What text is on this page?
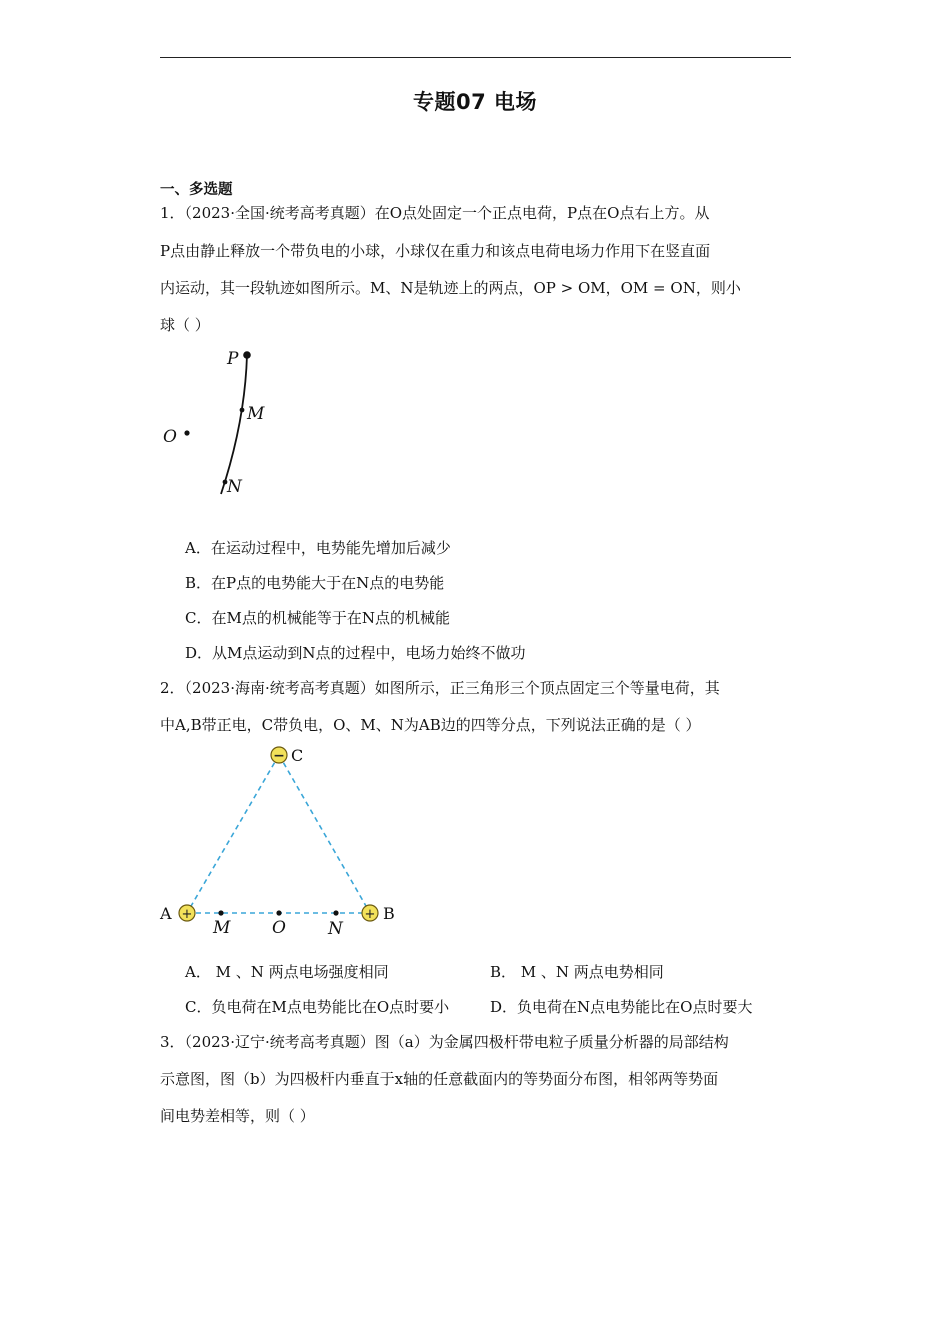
专题07 电场
一、多选题
1．（2023·全国·统考高考真题）在O点处固定一个正点电荷，P点在O点右上方。从
P点由静止释放一个带负电的小球，小球仅在重力和该点电荷电场力作用下在竖直面
内运动，其一段轨迹如图所示。M、N是轨迹上的两点，OP > OM，OM = ON，则小
球（ ）
P
M
O
N
A．在运动过程中，电势能先增加后减少
B．在P点的电势能大于在N点的电势能
C．在M点的机械能等于在N点的机械能
D．从M点运动到N点的过程中，电场力始终不做功
2．（2023·海南·统考高考真题）如图所示，正三角形三个顶点固定三个等量电荷，其
中A,B带正电，C带负电，O、M、N为AB边的四等分点，下列说法正确的是（ ）
−
+	+
C
A	B
M O N
A． M 、N 两点电场强度相同	B． M 、N 两点电势相同
C．负电荷在M点电势能比在O点时要小	D．负电荷在N点电势能比在O点时要大
3．（2023·辽宁·统考高考真题）图（a）为金属四极杆带电粒子质量分析器的局部结构
示意图，图（b）为四极杆内垂直于x轴的任意截面内的等势面分布图，相邻两等势面
间电势差相等，则（ ）
